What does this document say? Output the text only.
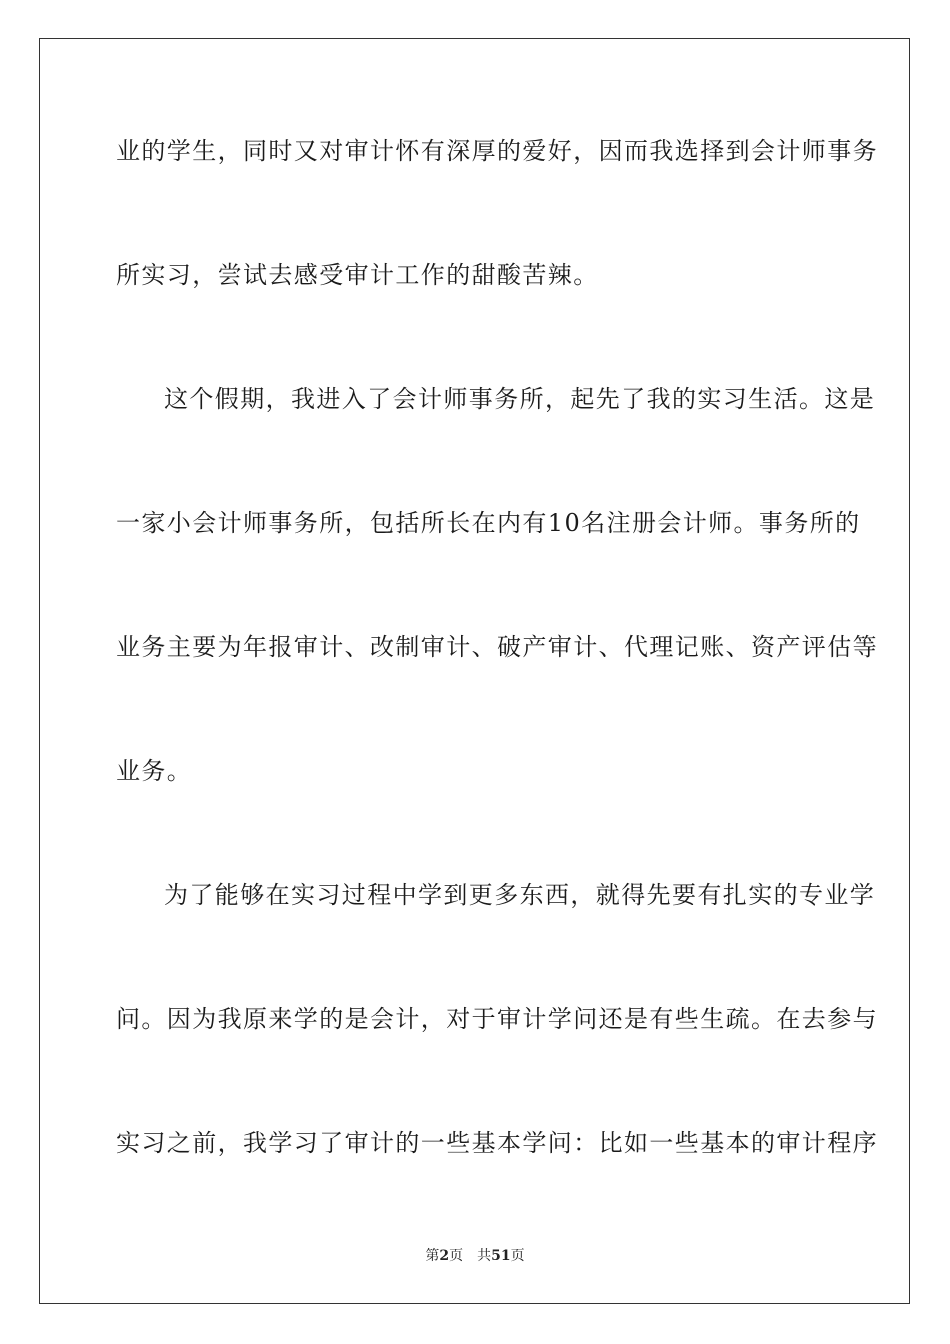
业的学生，同时又对审计怀有深厚的爱好，因而我选择到会计师事务
所实习，尝试去感受审计工作的甜酸苦辣。
这个假期，我进入了会计师事务所，起先了我的实习生活。这是
一家小会计师事务所，包括所长在内有10名注册会计师。事务所的
业务主要为年报审计、改制审计、破产审计、代理记账、资产评估等
业务。
为了能够在实习过程中学到更多东西，就得先要有扎实的专业学
问。因为我原来学的是会计，对于审计学问还是有些生疏。在去参与
实习之前，我学习了审计的一些基本学问：比如一些基本的审计程序
第2页 共51页
